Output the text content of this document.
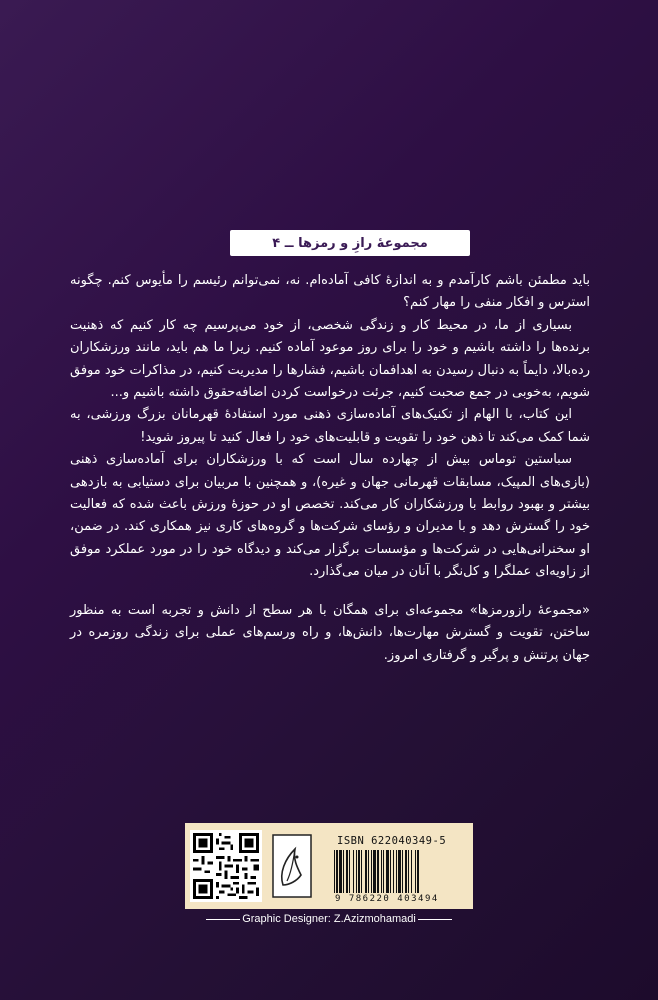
مجموعهٔ رازِ و رمزها ــ ۴

باید مطمئن باشم کارآمدم و به اندازهٔ کافی آماده‌ام. نه، نمی‌توانم رئیسم را مأیوس کنم. چگونه استرس و افکار منفی را مهار کنم؟

بسیاری از ما، در محیط کار و زندگی شخصی، از خود می‌پرسیم چه کار کنیم که ذهنیت برنده‌ها را داشته باشیم و خود را برای روز موعود آماده کنیم. زیرا ما هم باید، مانند ورزشکاران رده‌بالا، دایماً به دنبال رسیدن به اهدافمان باشیم، فشارها را مدیریت کنیم، در مذاکرات خود موفق شویم، به‌خوبی در جمع صحبت کنیم، جرئت درخواست کردن اضافه‌حقوق داشته باشیم و...

این کتاب، با الهام از تکنیک‌های آماده‌سازی ذهنی مورد استفادهٔ قهرمانان بزرگ ورزشی، به شما کمک می‌کند تا ذهن خود را تقویت و قابلیت‌های خود را فعال کنید تا پیروز شوید!

سباستین توماس بیش از چهارده سال است که با ورزشکاران برای آماده‌سازی ذهنی (بازی‌های المپیک، مسابقات قهرمانی جهان و غیره)، و همچنین با مربیان برای دستیابی به بازدهی بیشتر و بهبود روابط با ورزشکاران کار می‌کند. تخصص او در حوزهٔ ورزش باعث شده که فعالیت خود را گسترش دهد و با مدیران و رؤسای شرکت‌ها و گروه‌های کاری نیز همکاری کند. در ضمن، او سخنرانی‌هایی در شرکت‌ها و مؤسسات برگزار می‌کند و دیدگاه خود را در مورد عملکرد موفق از زاویه‌ای عملگرا و کل‌نگر با آنان در میان می‌گذارد.

«مجموعهٔ رازورمزها» مجموعه‌ای برای همگان با هر سطح از دانش و تجربه است به منظور ساختن، تقویت و گسترش مهارت‌ها، دانش‌ها، و راه ورسم‌های عملی برای زندگی روزمره در جهان پرتنش و پرگیر و گرفتاری امروز.

ISBN 622040349-5
9 786220 403494
Graphic Designer: Z.Azizmohamadi
